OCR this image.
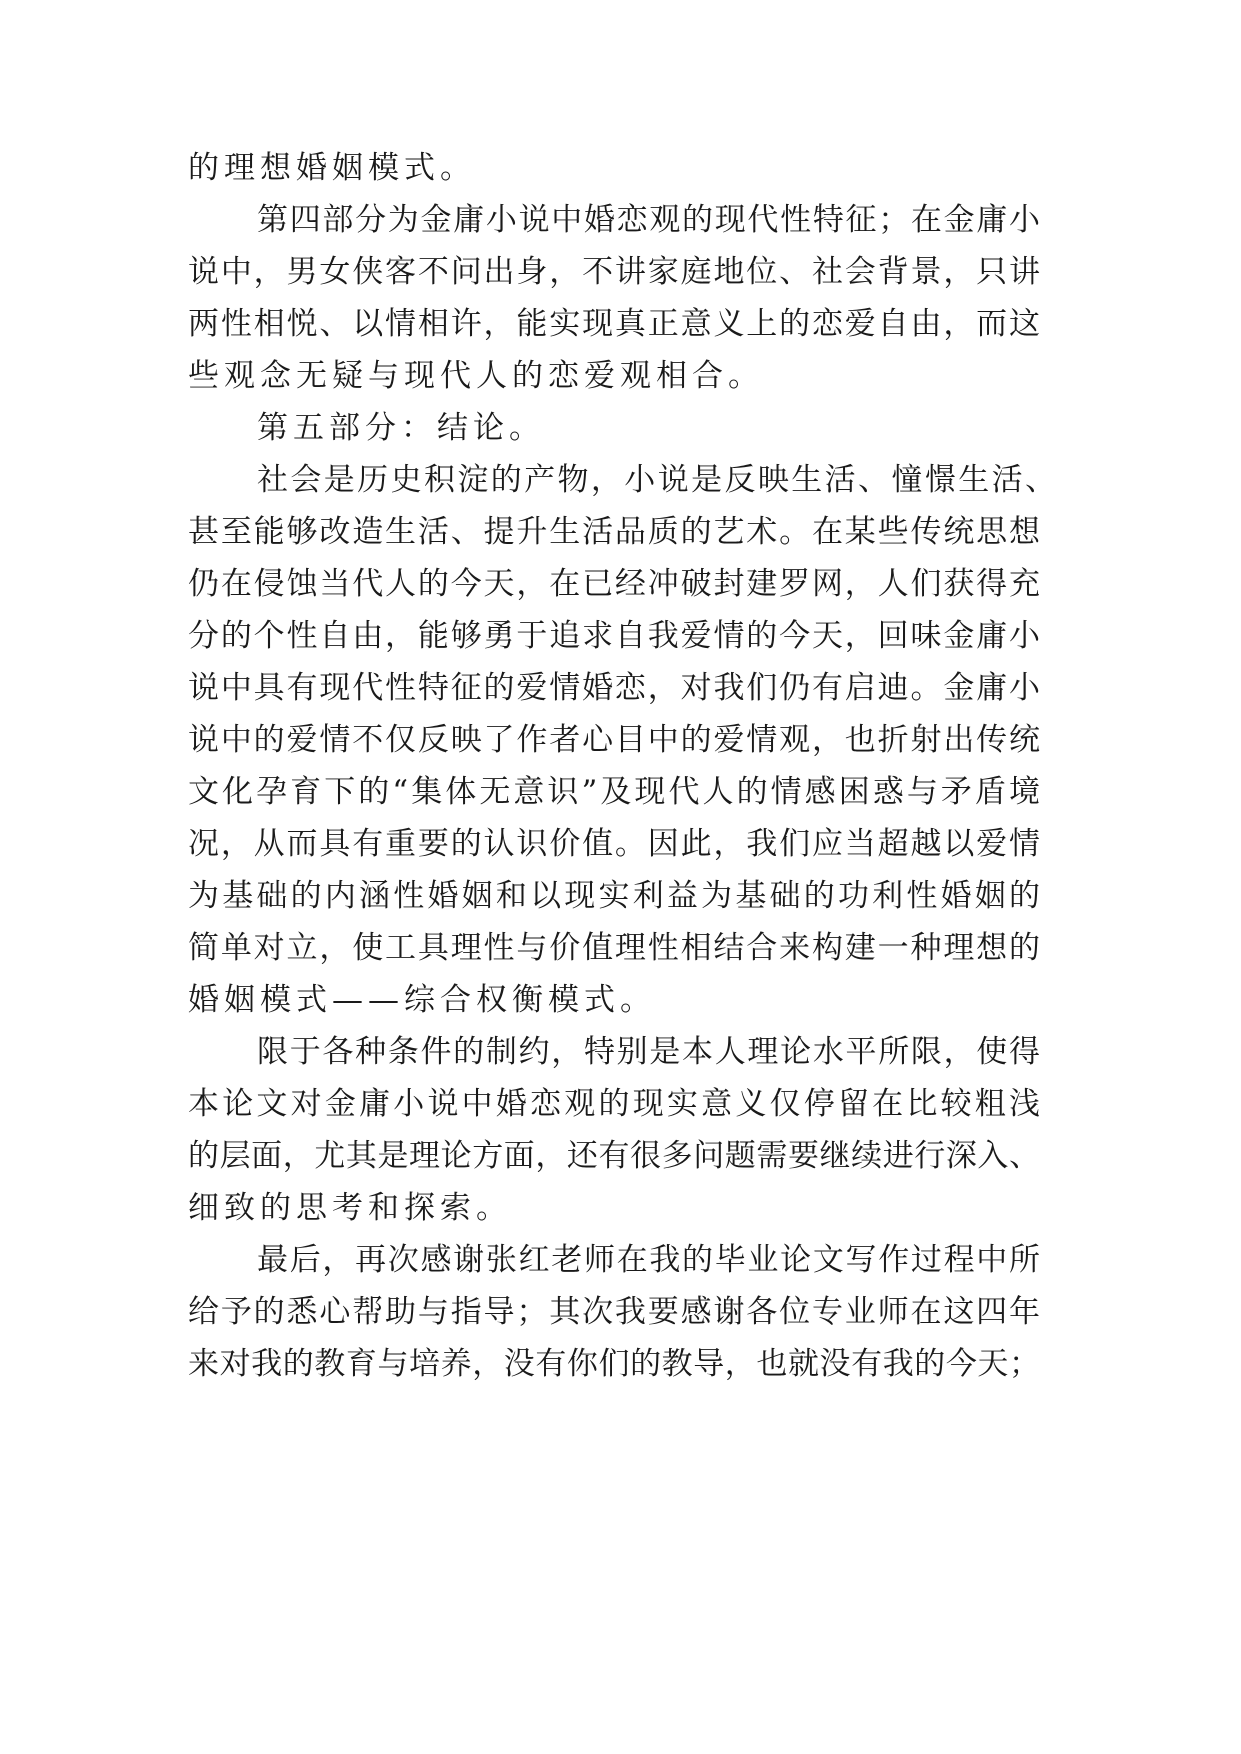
的理想婚姻模式。
第四部分为金庸小说中婚恋观的现代性特征；在金庸小
说中，男女侠客不问出身，不讲家庭地位、社会背景，只讲
两性相悦、以情相许，能实现真正意义上的恋爱自由，而这
些观念无疑与现代人的恋爱观相合。
第五部分：结论。
社会是历史积淀的产物，小说是反映生活、憧憬生活、
甚至能够改造生活、提升生活品质的艺术。在某些传统思想
仍在侵蚀当代人的今天，在已经冲破封建罗网，人们获得充
分的个性自由，能够勇于追求自我爱情的今天，回味金庸小
说中具有现代性特征的爱情婚恋，对我们仍有启迪。金庸小
说中的爱情不仅反映了作者心目中的爱情观，也折射出传统
文化孕育下的“集体无意识”及现代人的情感困惑与矛盾境
况，从而具有重要的认识价值。因此，我们应当超越以爱情
为基础的内涵性婚姻和以现实利益为基础的功利性婚姻的
简单对立，使工具理性与价值理性相结合来构建一种理想的
婚姻模式——综合权衡模式。
限于各种条件的制约，特别是本人理论水平所限，使得
本论文对金庸小说中婚恋观的现实意义仅停留在比较粗浅
的层面，尤其是理论方面，还有很多问题需要继续进行深入、
细致的思考和探索。
最后，再次感谢张红老师在我的毕业论文写作过程中所
给予的悉心帮助与指导；其次我要感谢各位专业师在这四年
来对我的教育与培养，没有你们的教导，也就没有我的今天；
